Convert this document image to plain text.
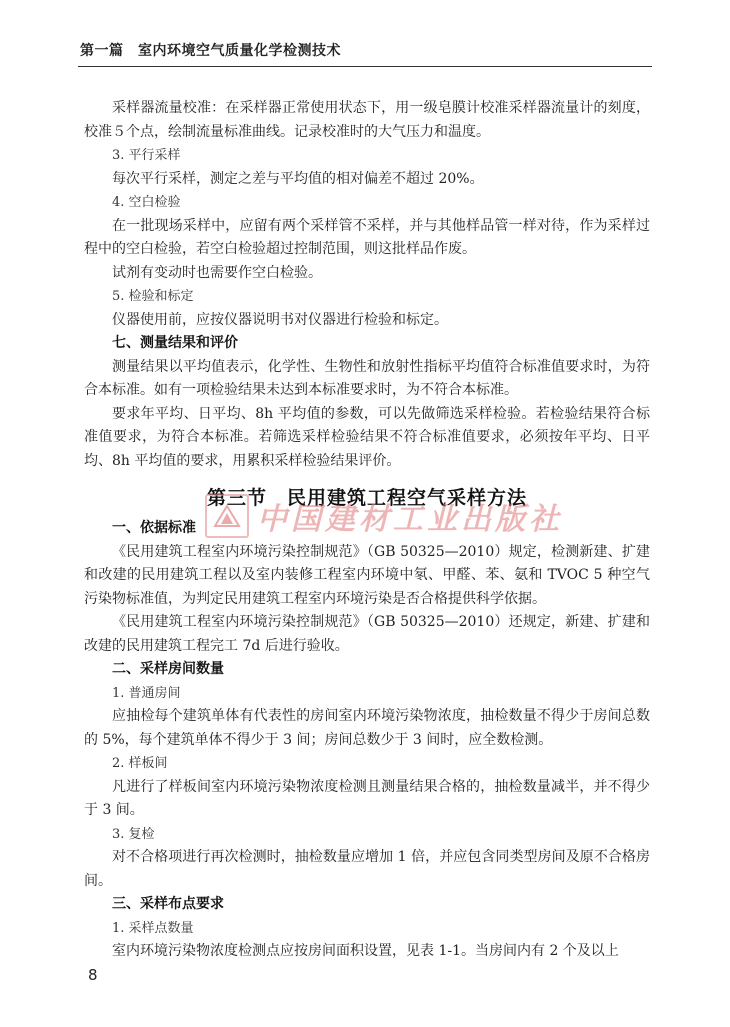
第一篇　室内环境空气质量化学检测技术

采样器流量校准：在采样器正常使用状态下，用一级皂膜计校准采样器流量计的刻度，校准５个点，绘制流量标准曲线。记录校准时的大气压力和温度。

3. 平行采样

每次平行采样，测定之差与平均值的相对偏差不超过 20%。

4. 空白检验

在一批现场采样中，应留有两个采样管不采样，并与其他样品管一样对待，作为采样过程中的空白检验，若空白检验超过控制范围，则这批样品作废。

试剂有变动时也需要作空白检验。

5. 检验和标定

仪器使用前，应按仪器说明书对仪器进行检验和标定。

七、测量结果和评价

测量结果以平均值表示，化学性、生物性和放射性指标平均值符合标准值要求时，为符合本标准。如有一项检验结果未达到本标准要求时，为不符合本标准。

要求年平均、日平均、8h 平均值的参数，可以先做筛选采样检验。若检验结果符合标准值要求，为符合本标准。若筛选采样检验结果不符合标准值要求，必须按年平均、日平均、8h 平均值的要求，用累积采样检验结果评价。

第三节　民用建筑工程空气采样方法

一、依据标准

《民用建筑工程室内环境污染控制规范》（GB 50325—2010）规定，检测新建、扩建和改建的民用建筑工程以及室内装修工程室内环境中氡、甲醛、苯、氨和 TVOC 5 种空气污染物标准值，为判定民用建筑工程室内环境污染是否合格提供科学依据。

《民用建筑工程室内环境污染控制规范》（GB 50325—2010）还规定，新建、扩建和改建的民用建筑工程完工 7d 后进行验收。

二、采样房间数量

1. 普通房间

应抽检每个建筑单体有代表性的房间室内环境污染物浓度，抽检数量不得少于房间总数的 5%，每个建筑单体不得少于 3 间；房间总数少于 3 间时，应全数检测。

2. 样板间

凡进行了样板间室内环境污染物浓度检测且测量结果合格的，抽检数量减半，并不得少于 3 间。

3. 复检

对不合格项进行再次检测时，抽检数量应增加 1 倍，并应包含同类型房间及原不合格房间。

三、采样布点要求

1. 采样点数量

室内环境污染物浓度检测点应按房间面积设置，见表 1-1。当房间内有 2 个及以上

中国建材工业出版社
8
